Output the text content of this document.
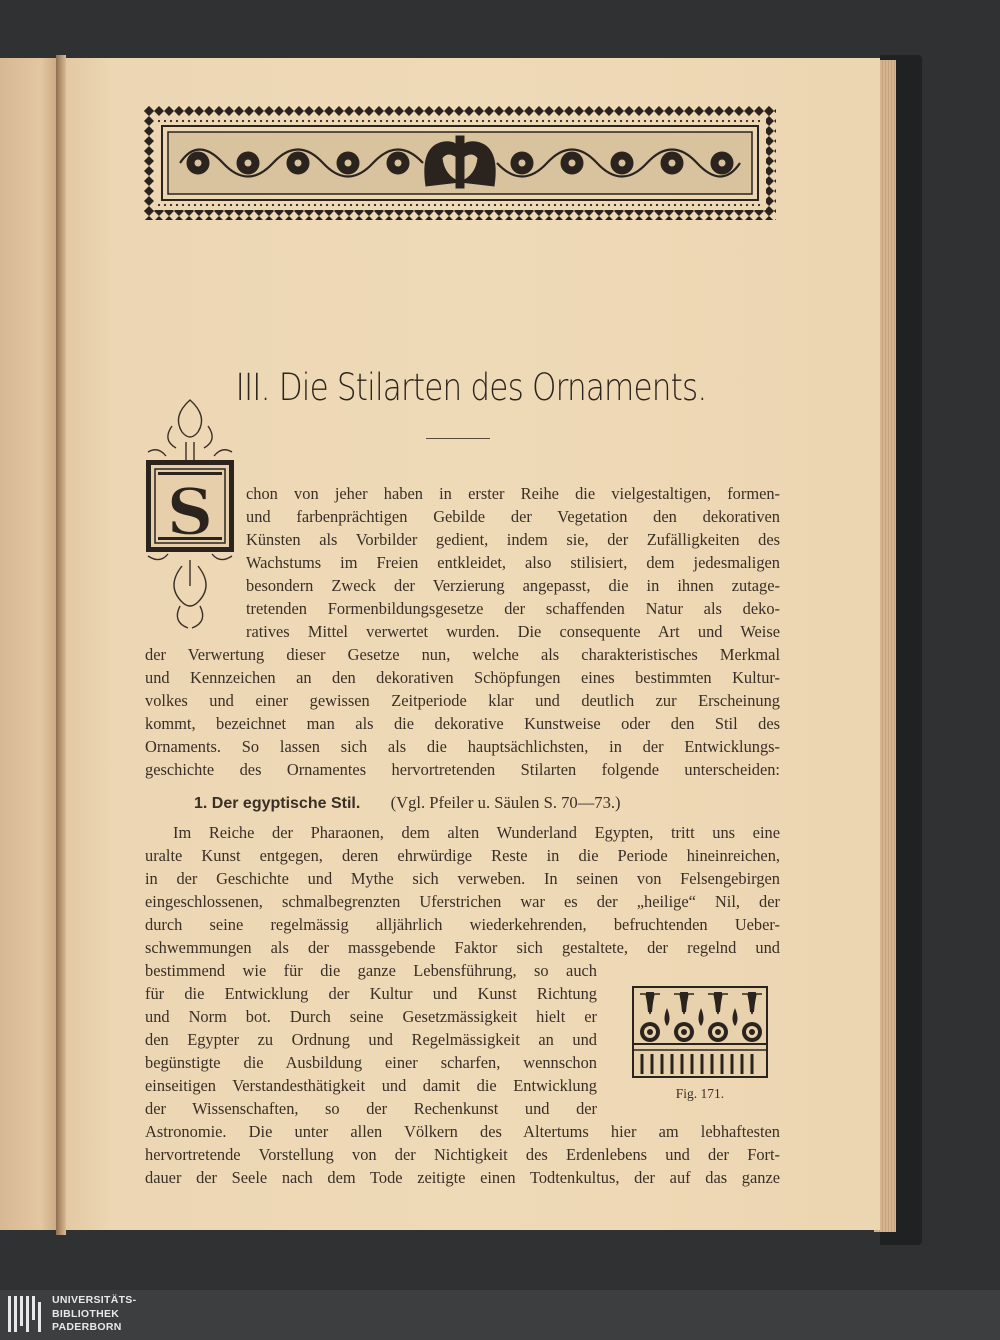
III. Die Stilarten des Ornaments.
S chon von jeher haben in erster Reihe die vielgestaltigen, formen-
und farbenprächtigen Gebilde der Vegetation den dekorativen
Künsten als Vorbilder gedient, indem sie, der Zufälligkeiten des
Wachstums im Freien entkleidet, also stilisiert, dem jedesmaligen
besondern Zweck der Verzierung angepasst, die in ihnen zutage-
tretenden Formenbildungsgesetze der schaffenden Natur als deko-
ratives Mittel verwertet wurden. Die consequente Art und Weise
der Verwertung dieser Gesetze nun, welche als charakteristisches Merkmal
und Kennzeichen an den dekorativen Schöpfungen eines bestimmten Kultur-
volkes und einer gewissen Zeitperiode klar und deutlich zur Erscheinung
kommt, bezeichnet man als die dekorative Kunstweise oder den Stil des
Ornaments. So lassen sich als die hauptsächlichsten, in der Entwicklungs-
geschichte des Ornamentes hervortretenden Stilarten folgende unterscheiden:
1. Der egyptische Stil. (Vgl. Pfeiler u. Säulen S. 70—73.)
Im Reiche der Pharaonen, dem alten Wunderland Egypten, tritt uns eine
uralte Kunst entgegen, deren ehrwürdige Reste in die Periode hineinreichen,
in der Geschichte und Mythe sich verweben. In seinen von Felsengebirgen
eingeschlossenen, schmalbegrenzten Uferstrichen war es der „heilige“ Nil, der
durch seine regelmässig alljährlich wiederkehrenden, befruchtenden Ueber-
schwemmungen als der massgebende Faktor sich gestaltete, der regelnd und
bestimmend wie für die ganze Lebensführung, so auch
für die Entwicklung der Kultur und Kunst Richtung
und Norm bot. Durch seine Gesetzmässigkeit hielt er
den Egypter zu Ordnung und Regelmässigkeit an und
begünstigte die Ausbildung einer scharfen, wennschon
einseitigen Verstandesthätigkeit und damit die Entwicklung
der Wissenschaften, so der Rechenkunst und der
Fig. 171.
Astronomie. Die unter allen Völkern des Altertums hier am lebhaftesten
hervortretende Vorstellung von der Nichtigkeit des Erdenlebens und der Fort-
dauer der Seele nach dem Tode zeitigte einen Todtenkultus, der auf das ganze
UNIVERSITÄTS-
BIBLIOTHEK
PADERBORN
